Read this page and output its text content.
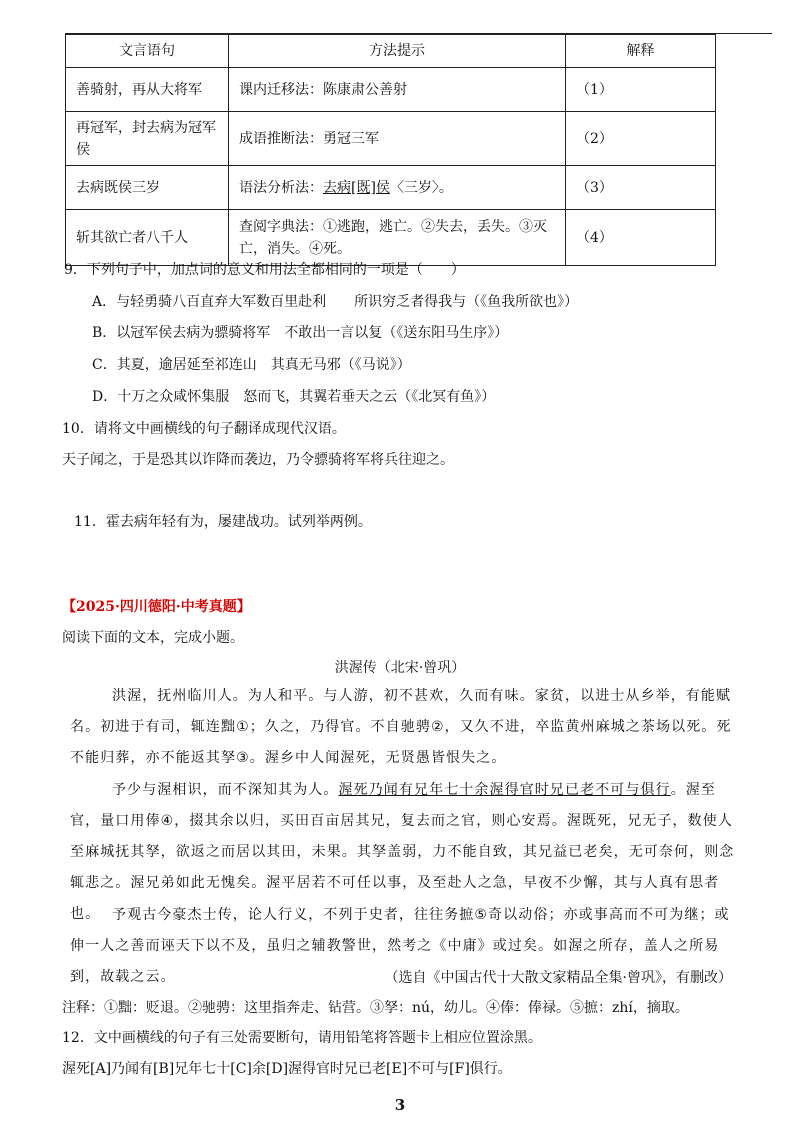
文言语句	方法提示	解释
善骑射，再从大将军	课内迁移法：陈康肃公善射	（1）
再冠军，封去病为冠军侯	成语推断法：勇冠三军	（2）
去病既侯三岁	语法分析法：去病[既]侯〈三岁〉。	（3）
斩其欲亡者八千人	查阅字典法：①逃跑，逃亡。②失去，丢失。③灭亡，消失。④死。	（4）
9．下列句子中，加点词的意义和用法全都相同的一项是（　　）
A．与轻勇骑八百直弃大军数百里赴利　　所识穷乏者得我与（《鱼我所欲也》）
B．以冠军侯去病为骠骑将军　不敢出一言以复（《送东阳马生序》）
C．其夏，逾居延至祁连山　其真无马邪（《马说》）
D．十万之众咸怀集服　怒而飞，其翼若垂天之云（《北冥有鱼》）
10．请将文中画横线的句子翻译成现代汉语。
天子闻之，于是恐其以诈降而袭边，乃令骠骑将军将兵往迎之。
11．霍去病年轻有为，屡建战功。试列举两例。
【2025·四川德阳·中考真题】
阅读下面的文本，完成小题。
洪渥传（北宋·曾巩）
洪渥，抚州临川人。为人和平。与人游，初不甚欢，久而有味。家贫，以进士从乡举，有能赋名。初进于有司，辄连黜①；久之，乃得官。不自驰骋②，又久不进，卒监黄州麻城之茶场以死。死不能归葬，亦不能返其孥③。渥乡中人闻渥死，无贤愚皆恨失之。
予少与渥相识，而不深知其为人。渥死乃闻有兄年七十余渥得官时兄已老不可与俱行。渥至官，量口用俸④，掇其余以归，买田百亩居其兄，复去而之官，则心安焉。渥既死，兄无子，数使人至麻城抚其孥，欲返之而居以其田，未果。其孥盖弱，力不能自致，其兄益已老矣，无可奈何，则念辄悲之。渥兄弟如此无愧矣。渥平居若不可任以事，及至赴人之急，早夜不少懈，其与人真有思者也。 予观古今豪杰士传，论人行义，不列于史者，往往务摭⑤奇以动俗；亦或事高而不可为继；或伸一人之善而诬天下以不及，虽归之辅教警世，然考之《中庸》或过矣。如渥之所存，盖人之所易到，故载之云。	（选自《中国古代十大散文家精品全集·曾巩》，有删改）
注释：①黜：贬退。②驰骋：这里指奔走、钻营。③孥：nú，幼儿。④俸：俸禄。⑤摭：zhí，摘取。
12．文中画横线的句子有三处需要断句，请用铅笔将答题卡上相应位置涂黑。
渥死[A]乃闻有[B]兄年七十[C]余[D]渥得官时兄已老[E]不可与[F]俱行。
3
